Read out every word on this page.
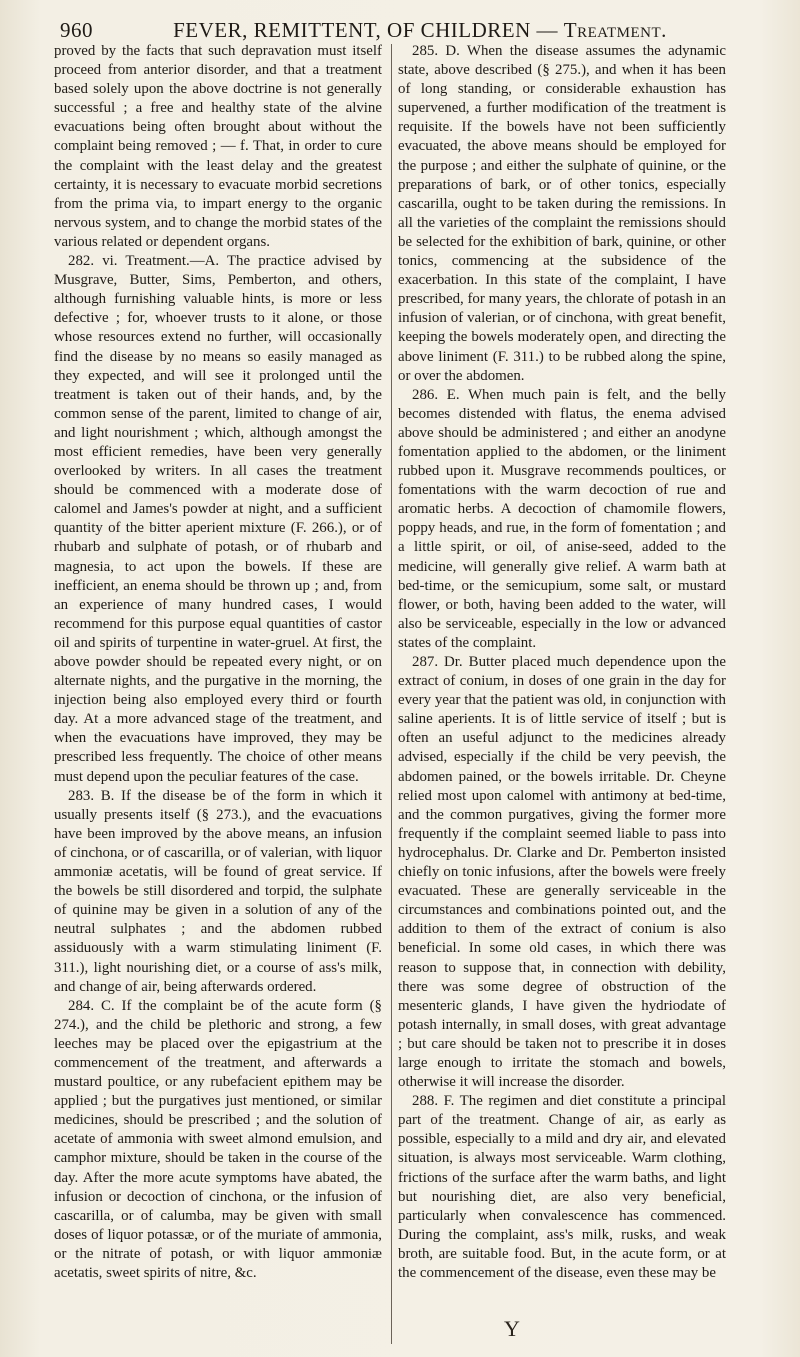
960	FEVER, REMITTENT, OF CHILDREN — Treatment.

proved by the facts that such depravation must itself proceed from anterior disorder, and that a treatment based solely upon the above doctrine is not generally successful ; a free and healthy state of the alvine evacuations being often brought about without the complaint being removed ; — f. That, in order to cure the complaint with the least delay and the greatest certainty, it is necessary to evacuate morbid secretions from the prima via, to impart energy to the organic nervous system, and to change the morbid states of the various related or dependent organs.

282. vi. Treatment.—A. The practice advised by Musgrave, Butter, Sims, Pemberton, and others, although furnishing valuable hints, is more or less defective ; for, whoever trusts to it alone, or those whose resources extend no further, will occasionally find the disease by no means so easily managed as they expected, and will see it prolonged until the treatment is taken out of their hands, and, by the common sense of the parent, limited to change of air, and light nourishment ; which, although amongst the most efficient remedies, have been very generally overlooked by writers. In all cases the treatment should be commenced with a moderate dose of calomel and James's powder at night, and a sufficient quantity of the bitter aperient mixture (F. 266.), or of rhubarb and sulphate of potash, or of rhubarb and magnesia, to act upon the bowels. If these are inefficient, an enema should be thrown up ; and, from an experience of many hundred cases, I would recommend for this purpose equal quantities of castor oil and spirits of turpentine in water-gruel. At first, the above powder should be repeated every night, or on alternate nights, and the purgative in the morning, the injection being also employed every third or fourth day. At a more advanced stage of the treatment, and when the evacuations have improved, they may be prescribed less frequently. The choice of other means must depend upon the peculiar features of the case.

283. B. If the disease be of the form in which it usually presents itself (§ 273.), and the evacuations have been improved by the above means, an infusion of cinchona, or of cascarilla, or of valerian, with liquor ammoniæ acetatis, will be found of great service. If the bowels be still disordered and torpid, the sulphate of quinine may be given in a solution of any of the neutral sulphates ; and the abdomen rubbed assiduously with a warm stimulating liniment (F. 311.), light nourishing diet, or a course of ass's milk, and change of air, being afterwards ordered.

284. C. If the complaint be of the acute form (§ 274.), and the child be plethoric and strong, a few leeches may be placed over the epigastrium at the commencement of the treatment, and afterwards a mustard poultice, or any rubefacient epithem may be applied ; but the purgatives just mentioned, or similar medicines, should be prescribed ; and the solution of acetate of ammonia with sweet almond emulsion, and camphor mixture, should be taken in the course of the day. After the more acute symptoms have abated, the infusion or decoction of cinchona, or the infusion of cascarilla, or of calumba, may be given with small doses of liquor potassæ, or of the muriate of ammonia, or the nitrate of potash, or with liquor ammoniæ acetatis, sweet spirits of nitre, &c.

285. D. When the disease assumes the adynamic state, above described (§ 275.), and when it has been of long standing, or considerable exhaustion has supervened, a further modification of the treatment is requisite. If the bowels have not been sufficiently evacuated, the above means should be employed for the purpose ; and either the sulphate of quinine, or the preparations of bark, or of other tonics, especially cascarilla, ought to be taken during the remissions. In all the varieties of the complaint the remissions should be selected for the exhibition of bark, quinine, or other tonics, commencing at the subsidence of the exacerbation. In this state of the complaint, I have prescribed, for many years, the chlorate of potash in an infusion of valerian, or of cinchona, with great benefit, keeping the bowels moderately open, and directing the above liniment (F. 311.) to be rubbed along the spine, or over the abdomen.

286. E. When much pain is felt, and the belly becomes distended with flatus, the enema advised above should be administered ; and either an anodyne fomentation applied to the abdomen, or the liniment rubbed upon it. Musgrave recommends poultices, or fomentations with the warm decoction of rue and aromatic herbs. A decoction of chamomile flowers, poppy heads, and rue, in the form of fomentation ; and a little spirit, or oil, of anise-seed, added to the medicine, will generally give relief. A warm bath at bed-time, or the semicupium, some salt, or mustard flower, or both, having been added to the water, will also be serviceable, especially in the low or advanced states of the complaint.

287. Dr. Butter placed much dependence upon the extract of conium, in doses of one grain in the day for every year that the patient was old, in conjunction with saline aperients. It is of little service of itself ; but is often an useful adjunct to the medicines already advised, especially if the child be very peevish, the abdomen pained, or the bowels irritable. Dr. Cheyne relied most upon calomel with antimony at bed-time, and the common purgatives, giving the former more frequently if the complaint seemed liable to pass into hydrocephalus. Dr. Clarke and Dr. Pemberton insisted chiefly on tonic infusions, after the bowels were freely evacuated. These are generally serviceable in the circumstances and combinations pointed out, and the addition to them of the extract of conium is also beneficial. In some old cases, in which there was reason to suppose that, in connection with debility, there was some degree of obstruction of the mesenteric glands, I have given the hydriodate of potash internally, in small doses, with great advantage ; but care should be taken not to prescribe it in doses large enough to irritate the stomach and bowels, otherwise it will increase the disorder.

288. F. The regimen and diet constitute a principal part of the treatment. Change of air, as early as possible, especially to a mild and dry air, and elevated situation, is always most serviceable. Warm clothing, frictions of the surface after the warm baths, and light but nourishing diet, are also very beneficial, particularly when convalescence has commenced. During the complaint, ass's milk, rusks, and weak broth, are suitable food. But, in the acute form, or at the commencement of the disease, even these may be

Y
